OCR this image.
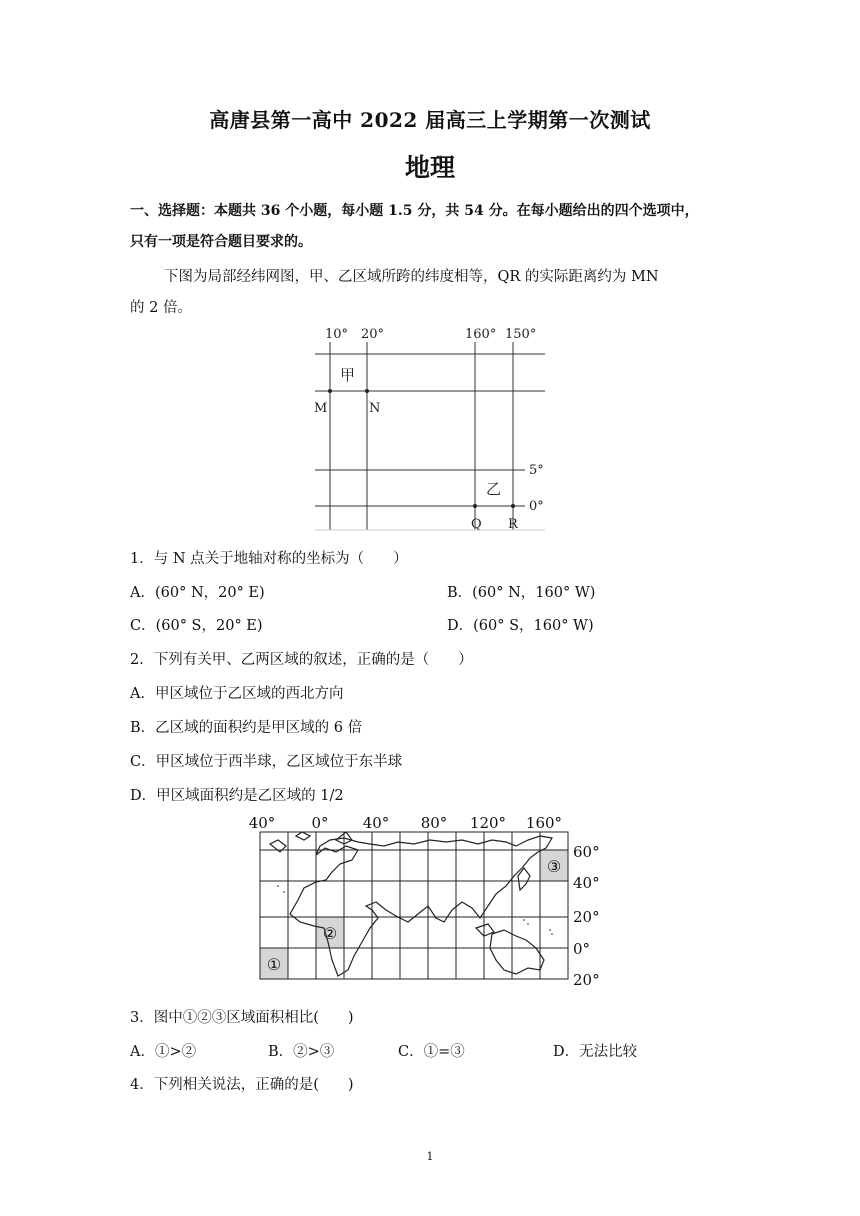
高唐县第一高中 2022 届高三上学期第一次测试
地理
一、选择题：本题共 36 个小题，每小题 1.5 分，共 54 分。在每小题给出的四个选项中，
只有一项是符合题目要求的。
下图为局部经纬网图，甲、乙区域所跨的纬度相等，QR 的实际距离约为 MN
的 2 倍。
10° 20°	160° 150°
5°
0°
甲
乙
M	N
Q R
1．与 N 点关于地轴对称的坐标为（　　）
A．(60° N，20° E)	B．(60° N，160° W)
C．(60° S，20° E)	D．(60° S，160° W)
2．下列有关甲、乙两区域的叙述，正确的是（　　）
A．甲区域位于乙区域的西北方向
B．乙区域的面积约是甲区域的 6 倍
C．甲区域位于西半球，乙区域位于东半球
D．甲区域面积约是乙区域的 1/2
①
②
③
40° 0° 40° 80° 120° 160°
60°
40°
20°
0°
20°
3．图中①②③区域面积相比(　　)
A．①>②	B．②>③	C．①=③	D．无法比较
4．下列相关说法，正确的是(　　)
1
